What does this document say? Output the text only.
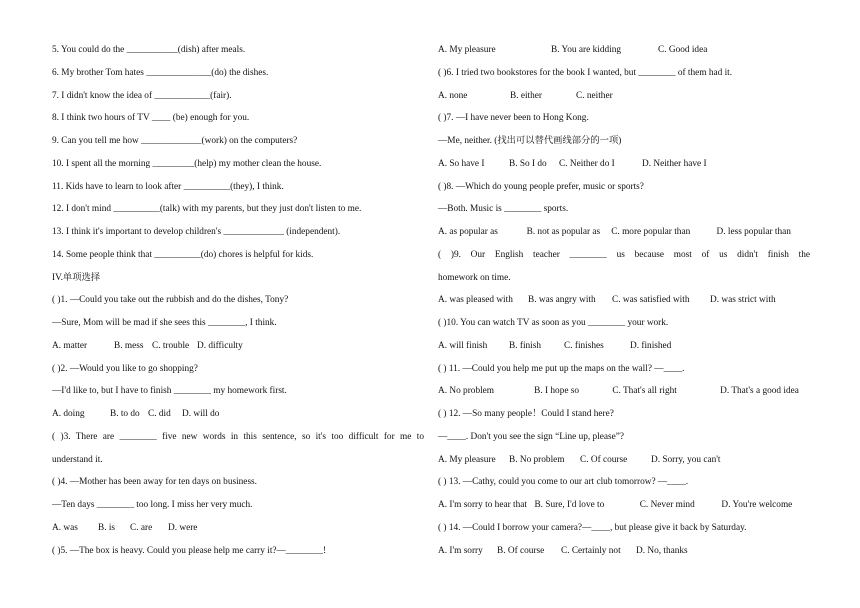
5. You could do the ___________(dish) after meals.
6. My brother Tom hates ______________(do) the dishes.
7. I didn't know the idea of ____________(fair).
8. I think two hours of TV ____ (be) enough for you.
9. Can you tell me how _____________(work) on the computers?
10. I spent all the morning _________(help) my mother clean the house.
11. Kids have to learn to look after __________(they), I think.
12. I don't mind __________(talk) with my parents, but they just don't listen to me.
13. I think it's important to develop children's _____________ (independent).
14. Some people think that __________(do) chores is helpful for kids.
IV.单项选择
( )1. —Could you take out the rubbish and do the dishes, Tony?
—Sure, Mom will be mad if she sees this ________, I think.
A. matter	B. mess C. trouble D. difficulty
( )2. —Would you like to go shopping?
—I'd like to, but I have to finish ________ my homework first.
A. doing	B. to do C. did	D. will do
( )3. There are ________ five new words in this sentence, so it's too difficult for me to
understand it.
( )4. —Mother has been away for ten days on business.
—Ten days ________ too long. I miss her very much.
A. was	B. is	C. are	D. were
( )5. —The box is heavy. Could you please help me carry it?—________!
A. My pleasure	B. You are kidding	C. Good idea
( )6. I tried two bookstores for the book I wanted, but ________ of them had it.
A. none	B. either	C. neither
( )7. —I have never been to Hong Kong.
—Me, neither. (找出可以替代画线部分的一项)
A. So have I	B. So I do	C. Neither do I	D. Neither have I
( )8. —Which do young people prefer, music or sports?
—Both. Music is ________ sports.
A. as popular as	B. not as popular as	C. more popular than	D. less popular than
( )9. Our English teacher ________ us because most of us didn't finish the
homework on time.
A. was pleased with	B. was angry with	C. was satisfied with	D. was strict with
( )10. You can watch TV as soon as you ________ your work.
A. will finish	B. finish	C. finishes	D. finished
( ) 11. —Could you help me put up the maps on the wall? —____.
A. No problem	B. I hope so	C. That's all right	D. That's a good idea
( ) 12. —So many people！Could I stand here?
—____. Don't you see the sign “Line up, please”?
A. My pleasure	B. No problem	C. Of course	D. Sorry, you can't
( ) 13. —Cathy, could you come to our art club tomorrow? —____.
A. I'm sorry to hear that B. Sure, I'd love to	C. Never mind	D. You're welcome
( ) 14. —Could I borrow your camera?—____, but please give it back by Saturday.
A. I'm sorry	B. Of course	C. Certainly not	D. No, thanks
